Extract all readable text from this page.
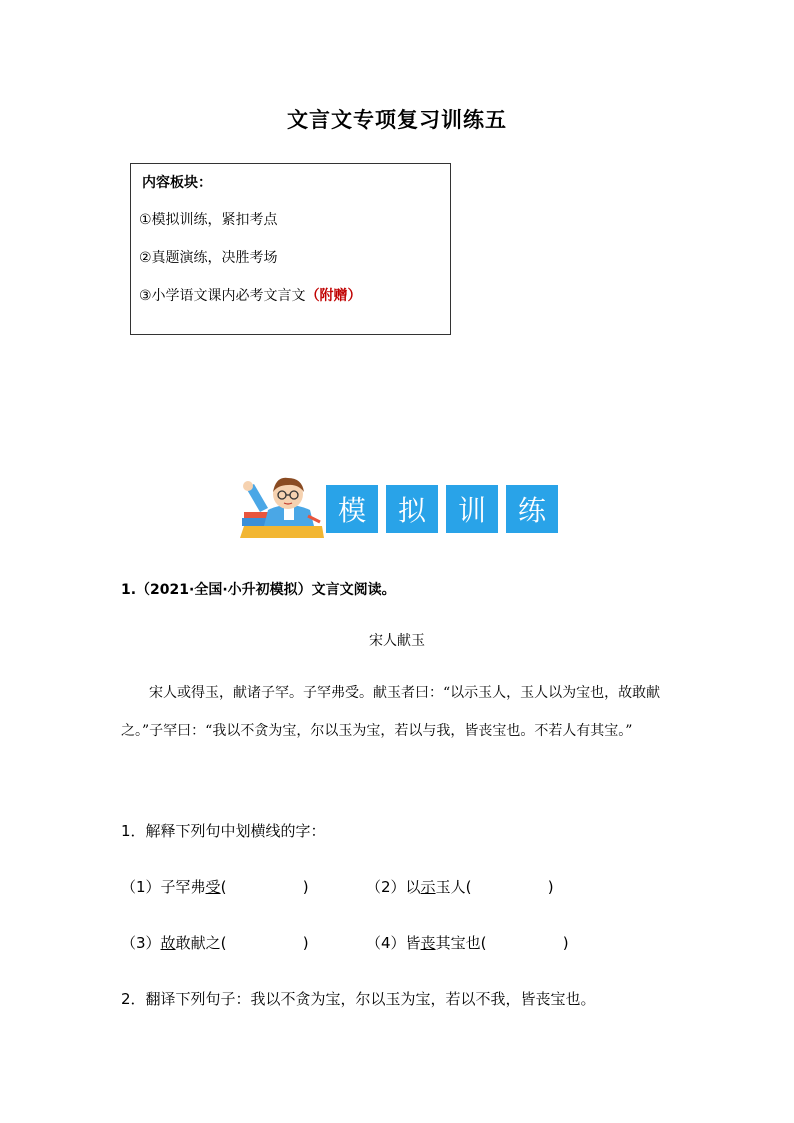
文言文专项复习训练五
内容板块：
①模拟训练，紧扣考点
②真题演练，决胜考场
③小学语文课内必考文言文（附赠）
模	拟	训	练
1.（2021·全国·小升初模拟）文言文阅读。
宋人献玉
宋人或得玉，献诸子罕。子罕弗受。献玉者曰：“以示玉人，玉人以为宝也，故敢献之。”子罕曰：“我以不贪为宝，尔以玉为宝，若以与我，皆丧宝也。不若人有其宝。”
1．解释下列句中划横线的字：
（1）子罕弗受(                )	（2）以示玉人(                )
（3）故敢献之(                )	（4）皆丧其宝也(                )
2．翻译下列句子：我以不贪为宝，尔以玉为宝，若以不我，皆丧宝也。
